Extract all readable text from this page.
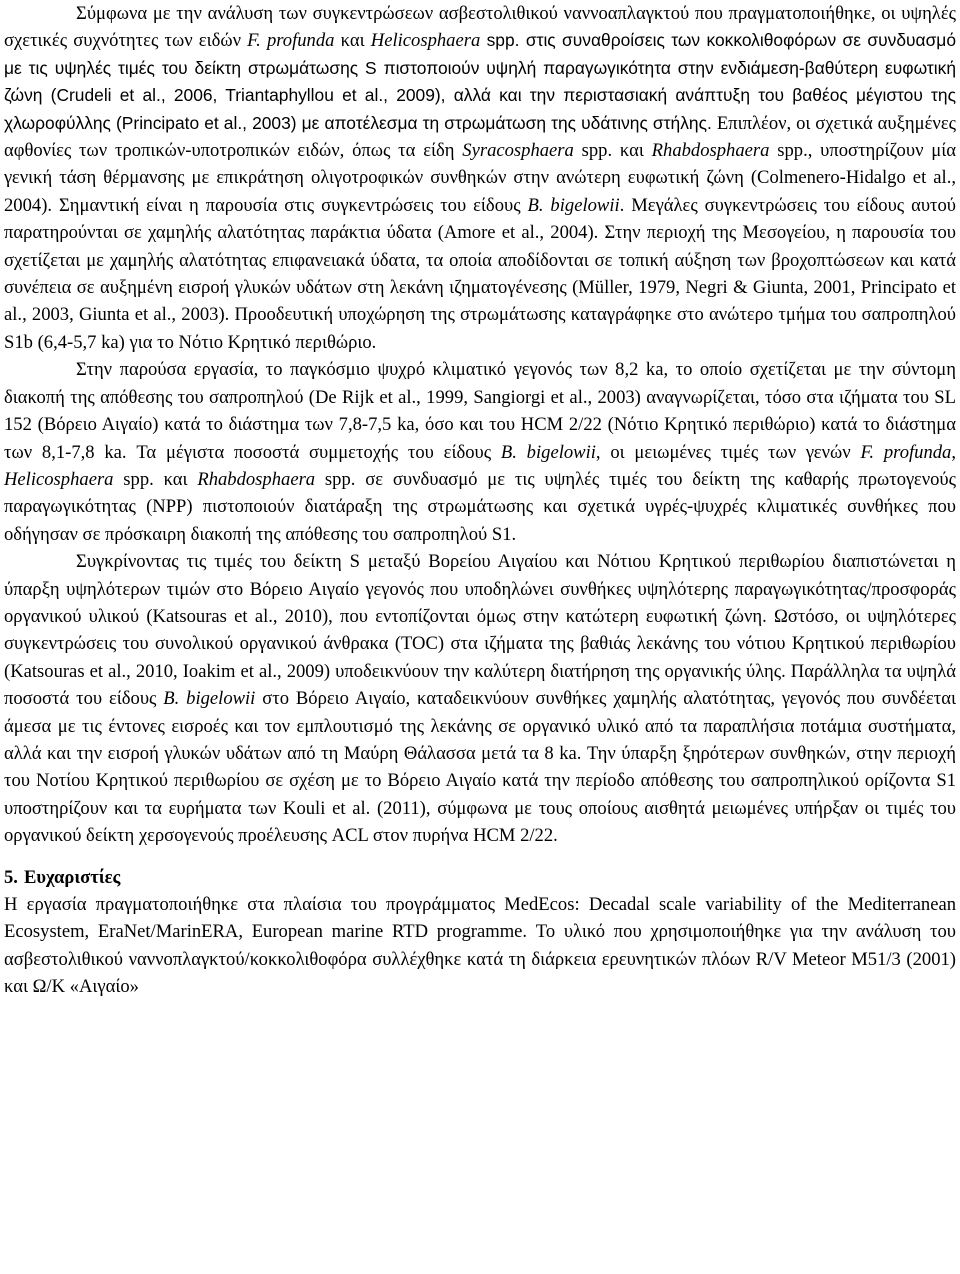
Σύμφωνα με την ανάλυση των συγκεντρώσεων ασβεστολιθικού ναννοαπλαγκτού που πραγματοποιήθηκε, οι υψηλές σχετικές συχνότητες των ειδών F. profunda και Helicosphaera spp. στις συναθροίσεις των κοκκολιθοφόρων σε συνδυασμό με τις υψηλές τιμές του δείκτη στρωμάτωσης S πιστοποιούν υψηλή παραγωγικότητα στην ενδιάμεση-βαθύτερη ευφωτική ζώνη (Crudeli et al., 2006, Triantaphyllou et al., 2009), αλλά και την περιστασιακή ανάπτυξη του βαθέος μέγιστου της χλωροφύλλης (Principato et al., 2003) με αποτέλεσμα τη στρωμάτωση της υδάτινης στήλης. Επιπλέον, οι σχετικά αυξημένες αφθονίες των τροπικών-υποτροπικών ειδών, όπως τα είδη Syracosphaera spp. και Rhabdosphaera spp., υποστηρίζουν μία γενική τάση θέρμανσης με επικράτηση ολιγοτροφικών συνθηκών στην ανώτερη ευφωτική ζώνη (Colmenero-Hidalgo et al., 2004). Σημαντική είναι η παρουσία στις συγκεντρώσεις του είδους B. bigelowii. Μεγάλες συγκεντρώσεις του είδους αυτού παρατηρούνται σε χαμηλής αλατότητας παράκτια ύδατα (Amore et al., 2004). Στην περιοχή της Μεσογείου, η παρουσία του σχετίζεται με χαμηλής αλατότητας επιφανειακά ύδατα, τα οποία αποδίδονται σε τοπική αύξηση των βροχοπτώσεων και κατά συνέπεια σε αυξημένη εισροή γλυκών υδάτων στη λεκάνη ιζηματογένεσης (Müller, 1979, Negri & Giunta, 2001, Principato et al., 2003, Giunta et al., 2003). Προοδευτική υποχώρηση της στρωμάτωσης καταγράφηκε στο ανώτερο τμήμα του σαπροπηλού S1b (6,4-5,7 ka) για το Νότιο Κρητικό περιθώριο.

Στην παρούσα εργασία, το παγκόσμιο ψυχρό κλιματικό γεγονός των 8,2 ka, το οποίο σχετίζεται με την σύντομη διακοπή της απόθεσης του σαπροπηλού (De Rijk et al., 1999, Sangiorgi et al., 2003) αναγνωρίζεται, τόσο στα ιζήματα του SL 152 (Βόρειο Αιγαίο) κατά το διάστημα των 7,8-7,5 ka, όσο και του HCM 2/22 (Νότιο Κρητικό περιθώριο) κατά το διάστημα των 8,1-7,8 ka. Τα μέγιστα ποσοστά συμμετοχής του είδους B. bigelowii, οι μειωμένες τιμές των γενών F. profunda, Helicosphaera spp. και Rhabdosphaera spp. σε συνδυασμό με τις υψηλές τιμές του δείκτη της καθαρής πρωτογενούς παραγωγικότητας (NPP) πιστοποιούν διατάραξη της στρωμάτωσης και σχετικά υγρές-ψυχρές κλιματικές συνθήκες που οδήγησαν σε πρόσκαιρη διακοπή της απόθεσης του σαπροπηλού S1.

Συγκρίνοντας τις τιμές του δείκτη S μεταξύ Βορείου Αιγαίου και Νότιου Κρητικού περιθωρίου διαπιστώνεται η ύπαρξη υψηλότερων τιμών στο Βόρειο Αιγαίο γεγονός που υποδηλώνει συνθήκες υψηλότερης παραγωγικότητας/προσφοράς οργανικού υλικού (Katsouras et al., 2010), που εντοπίζονται όμως στην κατώτερη ευφωτική ζώνη. Ωστόσο, οι υψηλότερες συγκεντρώσεις του συνολικού οργανικού άνθρακα (TOC) στα ιζήματα της βαθιάς λεκάνης του νότιου Κρητικού περιθωρίου (Katsouras et al., 2010, Ioakim et al., 2009) υποδεικνύουν την καλύτερη διατήρηση της οργανικής ύλης. Παράλληλα τα υψηλά ποσοστά του είδους B. bigelowii στο Βόρειο Αιγαίο, καταδεικνύουν συνθήκες χαμηλής αλατότητας, γεγονός που συνδέεται άμεσα με τις έντονες εισροές και τον εμπλουτισμό της λεκάνης σε οργανικό υλικό από τα παραπλήσια ποτάμια συστήματα, αλλά και την εισροή γλυκών υδάτων από τη Μαύρη Θάλασσα μετά τα 8 ka. Την ύπαρξη ξηρότερων συνθηκών, στην περιοχή του Νοτίου Κρητικού περιθωρίου σε σχέση με το Βόρειο Αιγαίο κατά την περίοδο απόθεσης του σαπροπηλικού ορίζοντα S1 υποστηρίζουν και τα ευρήματα των Kouli et al. (2011), σύμφωνα με τους οποίους αισθητά μειωμένες υπήρξαν οι τιμές του οργανικού δείκτη χερσογενούς προέλευσης ACL στον πυρήνα HCM 2/22.

5. Ευχαριστίες

Η εργασία πραγματοποιήθηκε στα πλαίσια του προγράμματος MedEcos: Decadal scale variability of the Mediterranean Ecosystem, EraNet/MarinERA, European marine RTD programme. Το υλικό που χρησιμοποιήθηκε για την ανάλυση του ασβεστολιθικού ναννοπλαγκτού/κοκκολιθοφόρα συλλέχθηκε κατά τη διάρκεια ερευνητικών πλόων R/V Meteor M51/3 (2001) και Ω/Κ «Αιγαίο»
